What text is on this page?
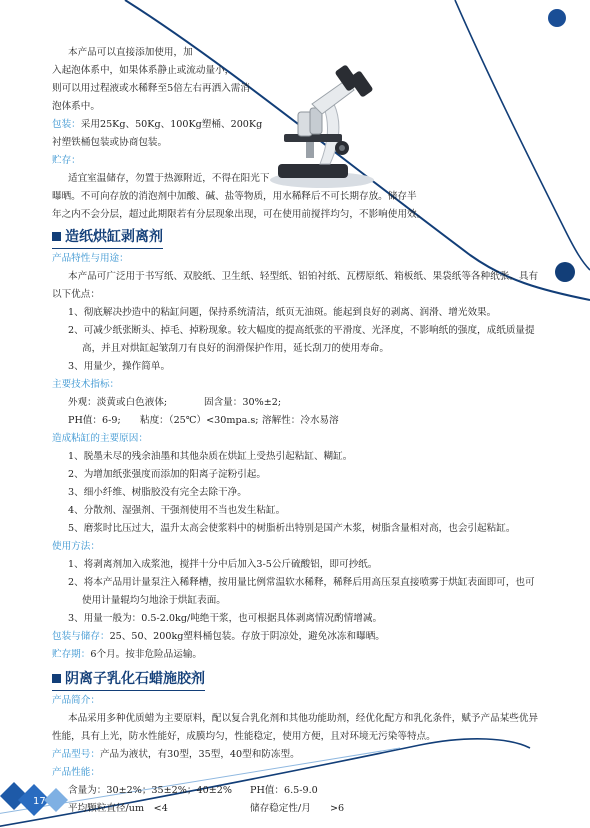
17
本产品可以直接添加使用，加
入起泡体系中，如果体系静止或流动量小，
则可以用过程液或水稀释至5倍左右再洒入需消
泡体系中。
包装：采用25Kg、50Kg、100Kg塑桶、200Kg
衬塑铁桶包装或协商包装。
贮存：
适宜室温储存，勿置于热源附近，不得在阳光下
曝晒。不可向存放的消泡剂中加酸、碱、盐等物质，用水稀释后不可长期存放。储存半
年之内不会分层，超过此期限若有分层现象出现，可在使用前搅拌均匀，不影响使用效。
造纸烘缸剥离剂
产品特性与用途：
本产品可广泛用于书写纸、双胶纸、卫生纸、轻型纸、铝铂衬纸、瓦楞原纸、箱板纸、果袋纸等各种纸张。具有
以下优点：
1、彻底解决抄造中的粘缸问题，保持系统清洁，纸页无油斑。能起到良好的剥离、润滑、增光效果。
2、可减少纸张断头、掉毛、掉粉现象。较大幅度的提高纸张的平滑度、光泽度，不影响纸的强度，成纸质量提
高，并且对烘缸起皱刮刀有良好的润滑保护作用，延长刮刀的使用寿命。
3、用量少，操作简单。
主要技术指标：
外观：淡黄或白色液体;	固含量：30%±2;
PH值：6-9; 粘度：（25℃）<30mpa.s; 溶解性：冷水易溶
造成粘缸的主要原因：
1、脱墨未尽的残余油墨和其他杂质在烘缸上受热引起粘缸、糊缸。
2、为增加纸张强度而添加的阳离子淀粉引起。
3、细小纤维、树脂胶没有完全去除干净。
4、分散剂、湿强剂、干强剂使用不当也发生粘缸。
5、磨浆时比压过大，温升太高会使浆料中的树脂析出特别是国产木浆，树脂含量相对高，也会引起粘缸。
使用方法：
1、将剥离剂加入成浆池，搅拌十分中后加入3-5公斤硫酸铝，即可抄纸。
2、将本产品用计量泵注入稀释槽，按用量比例常温软水稀释，稀释后用高压泵直接喷雾于烘缸表面即可，也可
使用计量辊均匀地涂于烘缸表面。
3、用量一般为：0.5-2.0kg/吨绝干浆，也可根据具体剥离情况酌情增减。
包装与储存：25、50、200kg塑料桶包装。存放于阴凉处，避免冰冻和曝晒。
贮存期：6个月。按非危险品运输。
阴离子乳化石蜡施胶剂
产品简介：
本品采用多种优质蜡为主要原料，配以复合乳化剂和其他功能助剂，经优化配方和乳化条件，赋予产品某些优异
性能，具有上光，防水性能好，成膜均匀，性能稳定，使用方便，且对环境无污染等特点。
产品型号：产品为液状，有30型，35型，40型和防冻型。
产品性能：
含量为：30±2%；35±2%；40±2% PH值：6.5-9.0
平均颗粒直径/um　<4	储存稳定性/月　　>6
